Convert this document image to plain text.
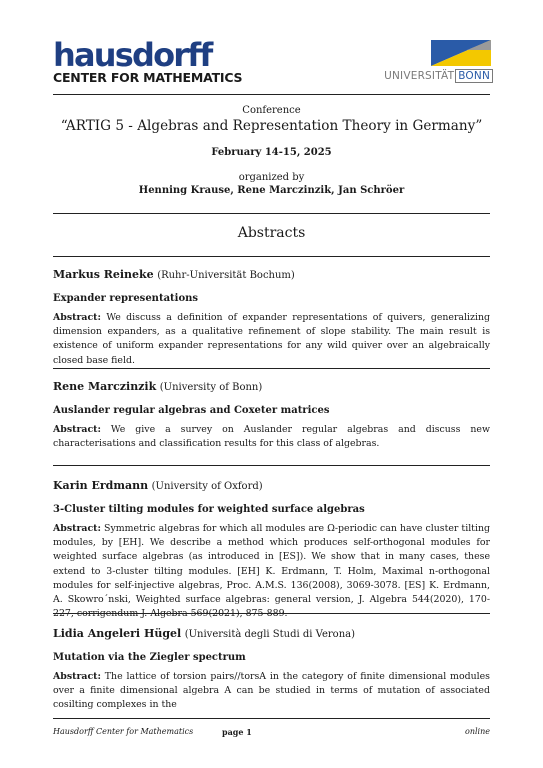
hausdorff
CENTER FOR MATHEMATICS	UNIVERSITÄT BONN
Conference
“ARTIG 5 - Algebras and Representation Theory in Germany”
February 14-15, 2025
organized by
Henning Krause, Rene Marczinzik, Jan Schröer
Abstracts
Markus Reineke (Ruhr-Universität Bochum)
Expander representations
Abstract: We discuss a definition of expander representations of quivers, generalizing dimension expanders, as a qualitative refinement of slope stability. The main result is existence of uniform expander representations for any wild quiver over an algebraically closed base field.
Rene Marczinzik (University of Bonn)
Auslander regular algebras and Coxeter matrices
Abstract: We give a survey on Auslander regular algebras and discuss new characterisations and classification results for this class of algebras.
Karin Erdmann (University of Oxford)
3-Cluster tilting modules for weighted surface algebras
Abstract: Symmetric algebras for which all modules are Ω-periodic can have cluster tilting modules, by [EH]. We describe a method which produces self-orthogonal modules for weighted surface algebras (as introduced in [ES]). We show that in many cases, these extend to 3-cluster tilting modules. [EH] K. Erdmann, T. Holm, Maximal n-orthogonal modules for self-injective algebras, Proc. A.M.S. 136(2008), 3069-3078. [ES] K. Erdmann, A. Skowro´nski, Weighted surface algebras: general version, J. Algebra 544(2020), 170-227, corrigendum J. Algebra 569(2021), 875-889.
Lidia Angeleri Hügel (Università degli Studi di Verona)
Mutation via the Ziegler spectrum
Abstract: The lattice of torsion pairs//torsA in the category of finite dimensional modules over a finite dimensional algebra A can be studied in terms of mutation of associated cosilting complexes in the
Hausdorff Center for Mathematics	page 1	online
